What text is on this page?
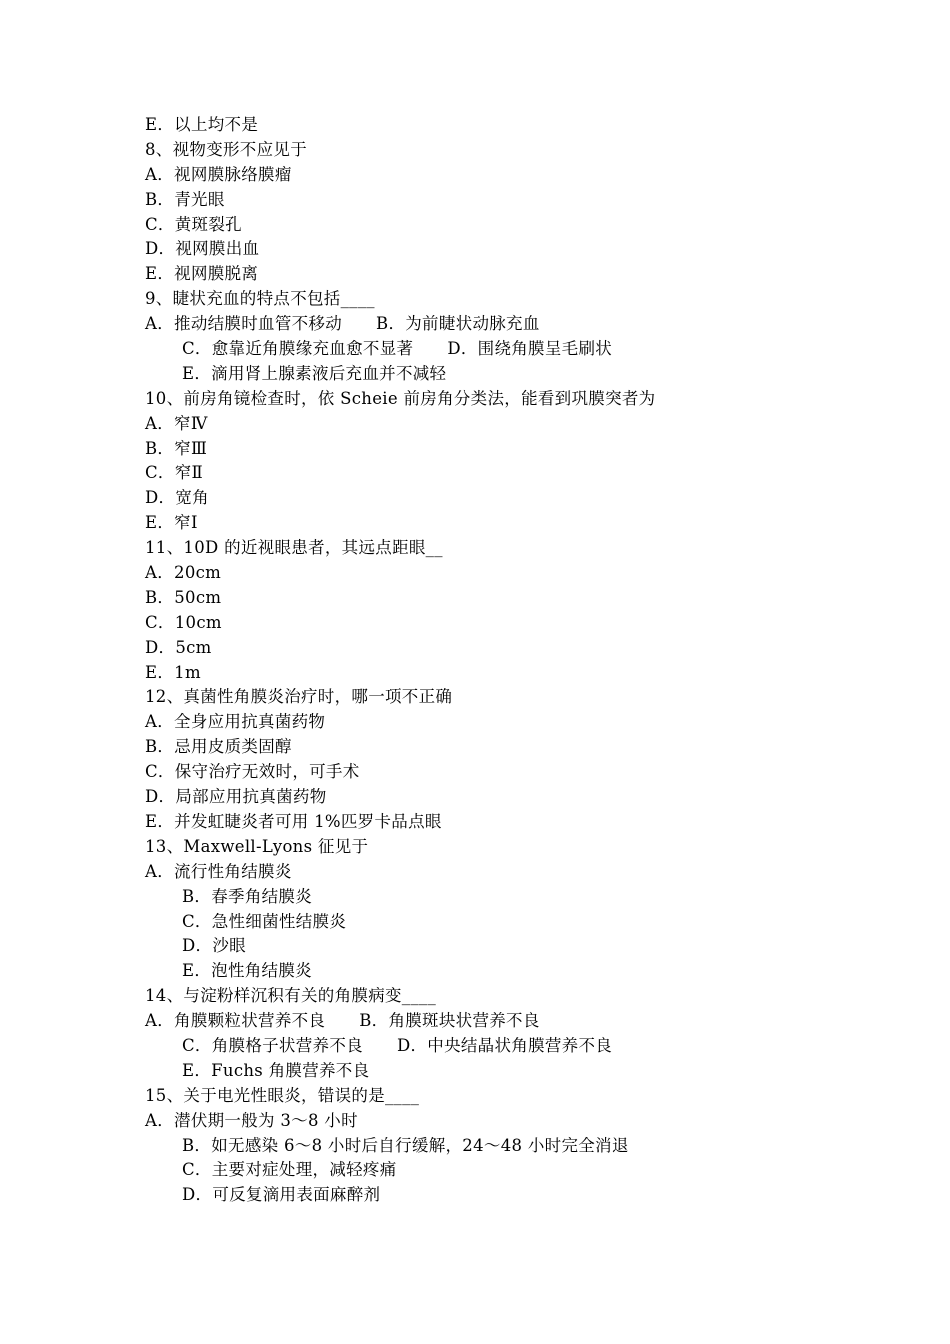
E．以上均不是
8、视物变形不应见于
A．视网膜脉络膜瘤
B．青光眼
C．黄斑裂孔
D．视网膜出血
E．视网膜脱离
9、睫状充血的特点不包括____
A．推动结膜时血管不移动 B．为前睫状动脉充血
C．愈靠近角膜缘充血愈不显著 D．围绕角膜呈毛刷状
E．滴用肾上腺素液后充血并不减轻
10、前房角镜检查时，依 Scheie 前房角分类法，能看到巩膜突者为
A．窄Ⅳ
B．窄Ⅲ
C．窄Ⅱ
D．宽角
E．窄Ⅰ
11、10D 的近视眼患者，其远点距眼__
A．20cm
B．50cm
C．10cm
D．5cm
E．1m
12、真菌性角膜炎治疗时，哪一项不正确
A．全身应用抗真菌药物
B．忌用皮质类固醇
C．保守治疗无效时，可手术
D．局部应用抗真菌药物
E．并发虹睫炎者可用 1%匹罗卡品点眼
13、Maxwell-Lyons 征见于
A．流行性角结膜炎
B．春季角结膜炎
C．急性细菌性结膜炎
D．沙眼
E．泡性角结膜炎
14、与淀粉样沉积有关的角膜病变____
A．角膜颗粒状营养不良 B．角膜斑块状营养不良
C．角膜格子状营养不良 D．中央结晶状角膜营养不良
E．Fuchs 角膜营养不良
15、关于电光性眼炎，错误的是____
A．潜伏期一般为 3～8 小时
B．如无感染 6～8 小时后自行缓解，24～48 小时完全消退
C．主要对症处理，减轻疼痛
D．可反复滴用表面麻醉剂
